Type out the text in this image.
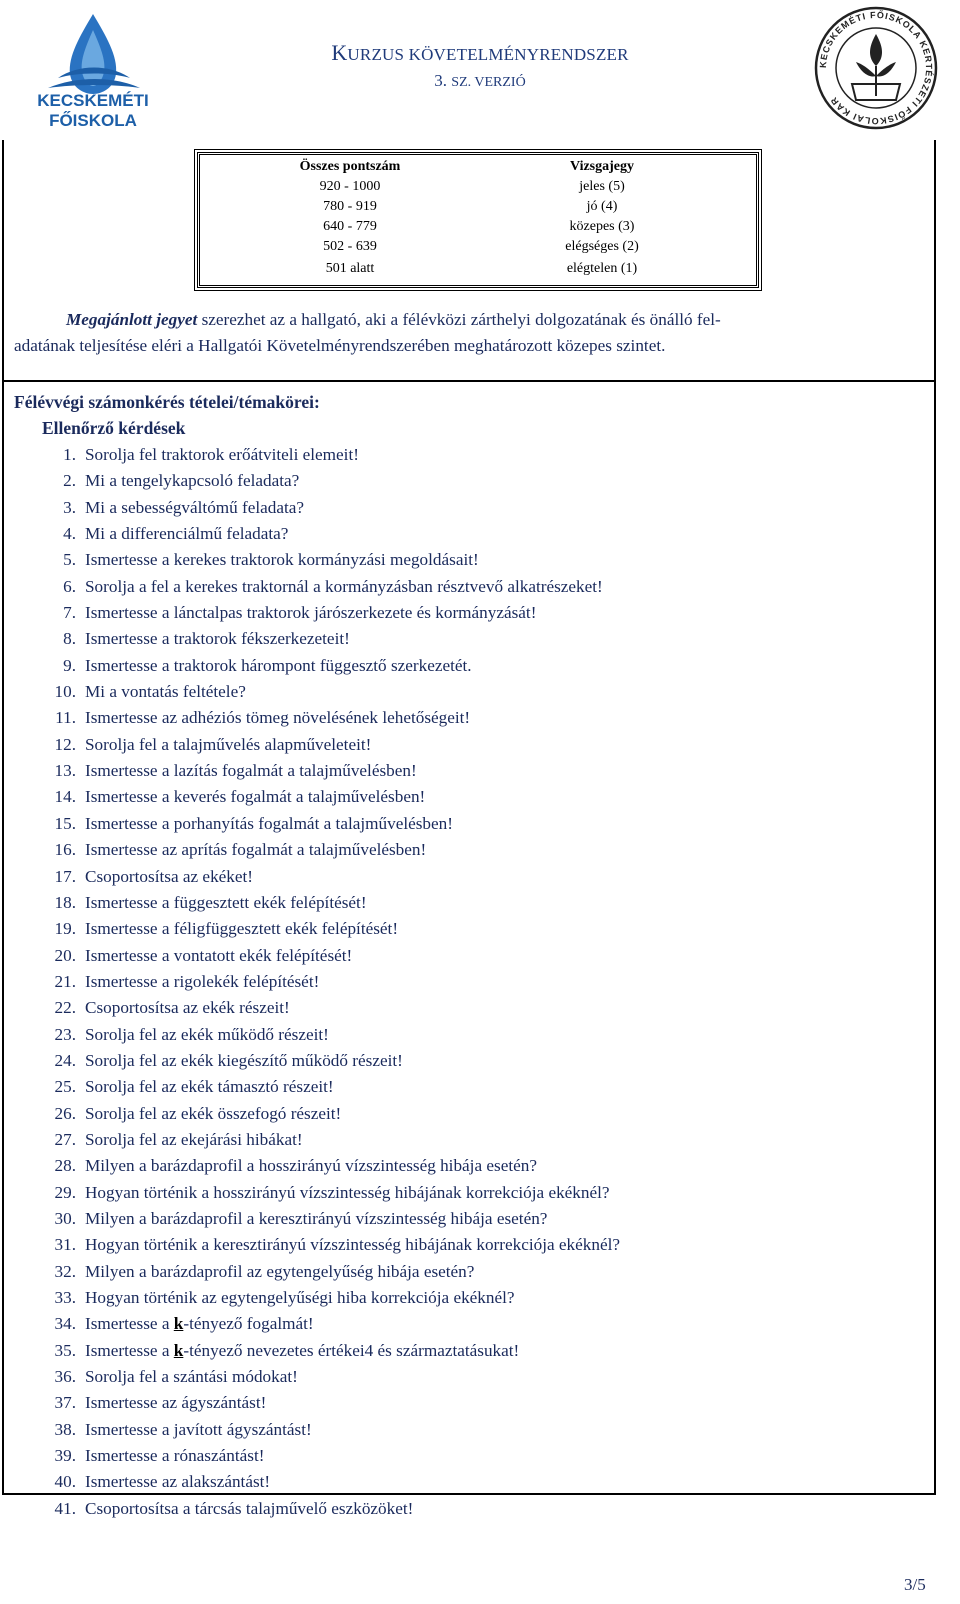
KECSKEMÉTI
FŐISKOLA
KURZUS KÖVETELMÉNYRENDSZER
3. SZ. VERZIÓ
KECSKEMÉTI FŐISKOLA KERTÉSZETI FŐISKOLAI KAR
Összes pontszám	Vizsgajegy
920 - 1000	jeles (5)
780 - 919	jó (4)
640 - 779	közepes (3)
502 - 639	elégséges (2)
501 alatt	elégtelen (1)
Megajánlott jegyet szerezhet az a hallgató, aki a félévközi zárthelyi dolgozatának és önálló fel-
adatának teljesítése eléri a Hallgatói Követelményrendszerében meghatározott közepes szintet.
Félévvégi számonkérés tételei/témakörei:
Ellenőrző kérdések
1. Sorolja fel traktorok erőátviteli elemeit!
2. Mi a tengelykapcsoló feladata?
3. Mi a sebességváltómű feladata?
4. Mi a differenciálmű feladata?
5. Ismertesse a kerekes traktorok kormányzási megoldásait!
6. Sorolja a fel a kerekes traktornál a kormányzásban résztvevő alkatrészeket!
7. Ismertesse a lánctalpas traktorok járószerkezete és kormányzását!
8. Ismertesse a traktorok fékszerkezeteit!
9. Ismertesse a traktorok hárompont függesztő szerkezetét.
10. Mi a vontatás feltétele?
11. Ismertesse az adhéziós tömeg növelésének lehetőségeit!
12. Sorolja fel a talajművelés alapműveleteit!
13. Ismertesse a lazítás fogalmát a talajművelésben!
14. Ismertesse a keverés fogalmát a talajművelésben!
15. Ismertesse a porhanyítás fogalmát a talajművelésben!
16. Ismertesse az aprítás fogalmát a talajművelésben!
17. Csoportosítsa az ekéket!
18. Ismertesse a függesztett ekék felépítését!
19. Ismertesse a féligfüggesztett ekék felépítését!
20. Ismertesse a vontatott ekék felépítését!
21. Ismertesse a rigolekék felépítését!
22. Csoportosítsa az ekék részeit!
23. Sorolja fel az ekék működő részeit!
24. Sorolja fel az ekék kiegészítő működő részeit!
25. Sorolja fel az ekék támasztó részeit!
26. Sorolja fel az ekék összefogó részeit!
27. Sorolja fel az ekejárási hibákat!
28. Milyen a barázdaprofil a hosszirányú vízszintesség hibája esetén?
29. Hogyan történik a hosszirányú vízszintesség hibájának korrekciója ekéknél?
30. Milyen a barázdaprofil a keresztirányú vízszintesség hibája esetén?
31. Hogyan történik a keresztirányú vízszintesség hibájának korrekciója ekéknél?
32. Milyen a barázdaprofil az egytengelyűség hibája esetén?
33. Hogyan történik az egytengelyűségi hiba korrekciója ekéknél?
34. Ismertesse a k-tényező fogalmát!
35. Ismertesse a k-tényező nevezetes értékei4 és származtatásukat!
36. Sorolja fel a szántási módokat!
37. Ismertesse az ágyszántást!
38. Ismertesse a javított ágyszántást!
39. Ismertesse a rónaszántást!
40. Ismertesse az alakszántást!
41. Csoportosítsa a tárcsás talajművelő eszközöket!
3/5
